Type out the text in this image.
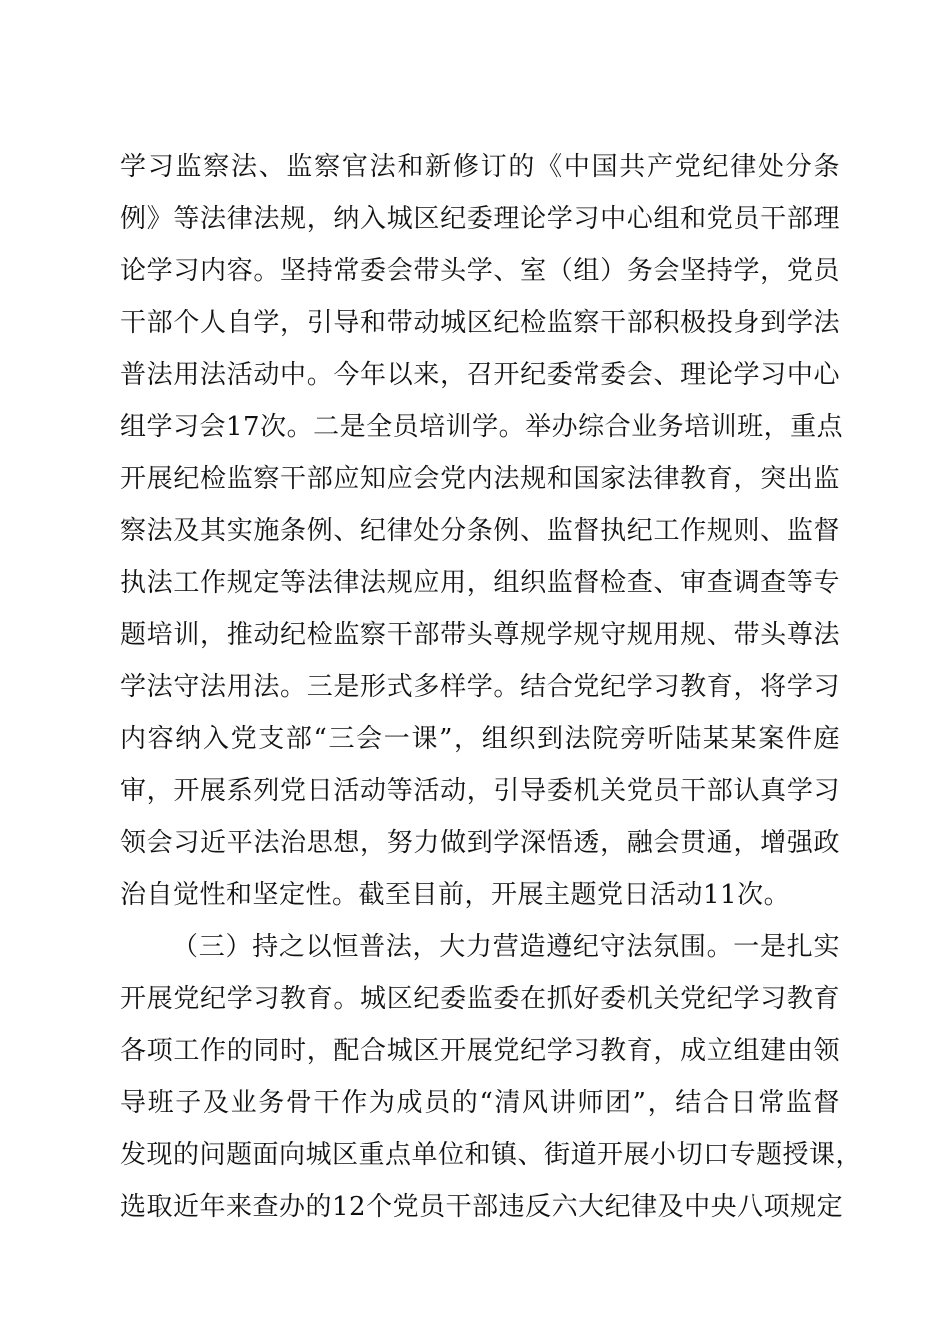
学习监察法、监察官法和新修订的《中国共产党纪律处分条
例》等法律法规，纳入城区纪委理论学习中心组和党员干部理
论学习内容。坚持常委会带头学、室（组）务会坚持学，党员
干部个人自学，引导和带动城区纪检监察干部积极投身到学法
普法用法活动中。今年以来，召开纪委常委会、理论学习中心
组学习会17次。二是全员培训学。举办综合业务培训班，重点
开展纪检监察干部应知应会党内法规和国家法律教育，突出监
察法及其实施条例、纪律处分条例、监督执纪工作规则、监督
执法工作规定等法律法规应用，组织监督检查、审查调查等专
题培训，推动纪检监察干部带头尊规学规守规用规、带头尊法
学法守法用法。三是形式多样学。结合党纪学习教育，将学习
内容纳入党支部“三会一课”，组织到法院旁听陆某某案件庭
审，开展系列党日活动等活动，引导委机关党员干部认真学习
领会习近平法治思想，努力做到学深悟透，融会贯通，增强政
治自觉性和坚定性。截至目前，开展主题党日活动11次。
（三）持之以恒普法，大力营造遵纪守法氛围。一是扎实
开展党纪学习教育。城区纪委监委在抓好委机关党纪学习教育
各项工作的同时，配合城区开展党纪学习教育，成立组建由领
导班子及业务骨干作为成员的“清风讲师团”，结合日常监督
发现的问题面向城区重点单位和镇、街道开展小切口专题授课，
选取近年来查办的12个党员干部违反六大纪律及中央八项规定
